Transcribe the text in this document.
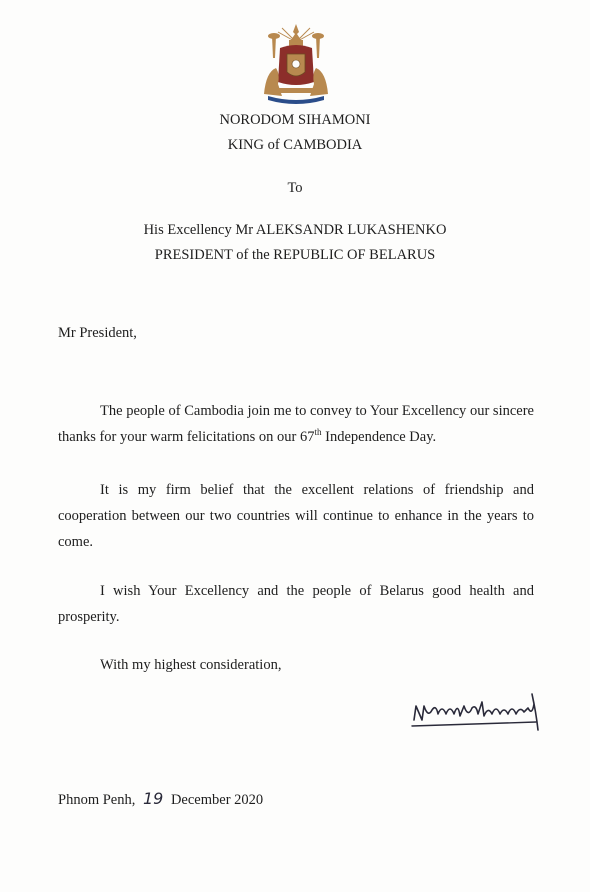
NORODOM SIHAMONI
KING of CAMBODIA
To
His Excellency Mr ALEKSANDR LUKASHENKO
PRESIDENT of the REPUBLIC OF BELARUS
Mr President,
The people of Cambodia join me to convey to Your Excellency our sincere thanks for your warm felicitations on our 67th Independence Day.
It is my firm belief that the excellent relations of friendship and cooperation between our two countries will continue to enhance in the years to come.
I wish Your Excellency and the people of Belarus good health and prosperity.
With my highest consideration,
Phnom Penh, 19 December 2020
